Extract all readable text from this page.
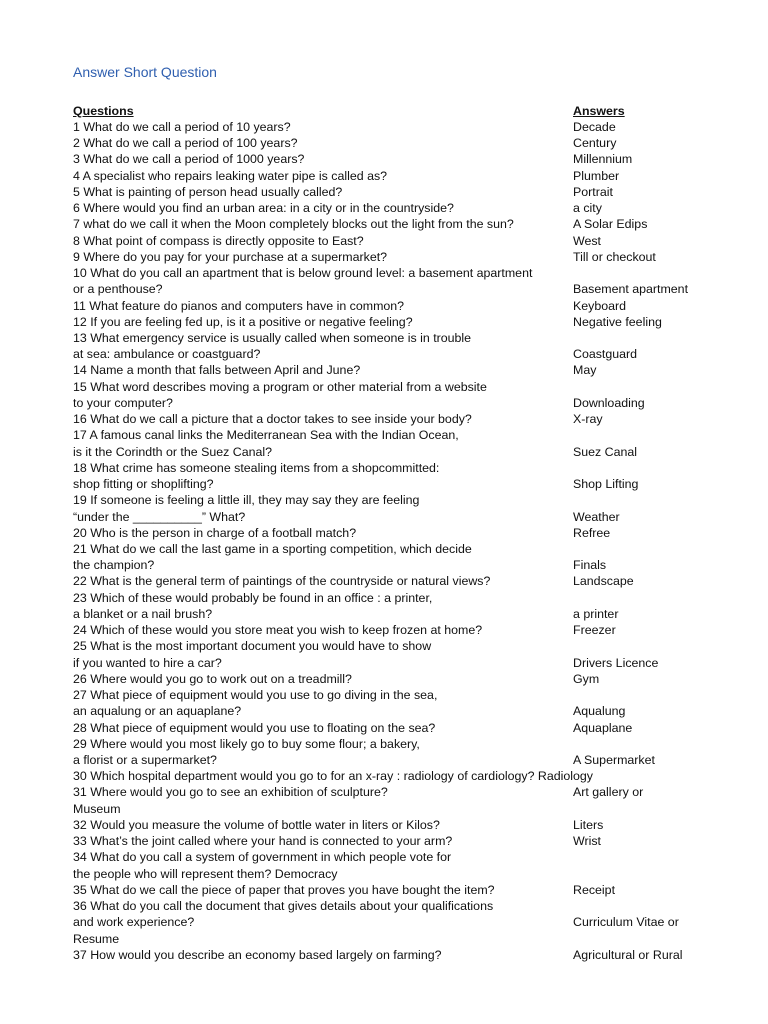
Answer Short Question
Questions	Answers
1 What do we call a period of 10 years?	Decade
2 What do we call a period of 100 years?	Century
3 What do we call a period of 1000 years?	Millennium
4 A specialist who repairs leaking water pipe is called as?	Plumber
5 What is painting of person head usually called?	Portrait
6 Where would you find an urban area: in a city or in the countryside?	a city
7 what do we call it when the Moon completely blocks out the light from the sun?	A Solar Edips
8 What point of compass is directly opposite to East?	West
9 Where do you pay for your purchase at a supermarket?	Till or checkout
10 What do you call an apartment that is below ground level: a basement apartment
or a penthouse?	Basement apartment
11 What feature do pianos and computers have in common?	Keyboard
12 If you are feeling fed up, is it a positive or negative feeling?	Negative feeling
13 What emergency service is usually called when someone is in trouble
at sea: ambulance or coastguard?	Coastguard
14 Name a month that falls between April and June?	May
15 What word describes moving a program or other material from a website
to your computer?	Downloading
16 What do we call a picture that a doctor takes to see inside your body?	X-ray
17 A famous canal links the Mediterranean Sea with the Indian Ocean,
is it the Corindth or the Suez Canal?	Suez Canal
18 What crime has someone stealing items from a shopcommitted:
shop fitting or shoplifting?	Shop Lifting
19 If someone is feeling a little ill, they may say they are feeling
“under the __________” What?	Weather
20 Who is the person in charge of a football match?	Refree
21 What do we call the last game in a sporting competition, which decide
the champion?	Finals
22 What is the general term of paintings of the countryside or natural views?	Landscape
23 Which of these would probably be found in an office : a printer,
a blanket or a nail brush?	a printer
24 Which of these would you store meat you wish to keep frozen at home?	Freezer
25 What is the most important document you would have to show
if you wanted to hire a car?	Drivers Licence
26 Where would you go to work out on a treadmill?	Gym
27 What piece of equipment would you use to go diving in the sea,
an aqualung or an aquaplane?	Aqualung
28 What piece of equipment would you use to floating on the sea?	Aquaplane
29 Where would you most likely go to buy some flour; a bakery,
a florist or a supermarket?	A Supermarket
30 Which hospital department would you go to for an x-ray : radiology of cardiology? Radiology
31 Where would you go to see an exhibition of sculpture?	Art gallery or
Museum
32 Would you measure the volume of bottle water in liters or Kilos?	Liters
33 What’s the joint called where your hand is connected to your arm?	Wrist
34 What do you call a system of government in which people vote for
the people who will represent them? Democracy
35 What do we call the piece of paper that proves you have bought the item?	Receipt
36 What do you call the document that gives details about your qualifications
and work experience?	Curriculum Vitae or
Resume
37 How would you describe an economy based largely on farming?	Agricultural or Rural
